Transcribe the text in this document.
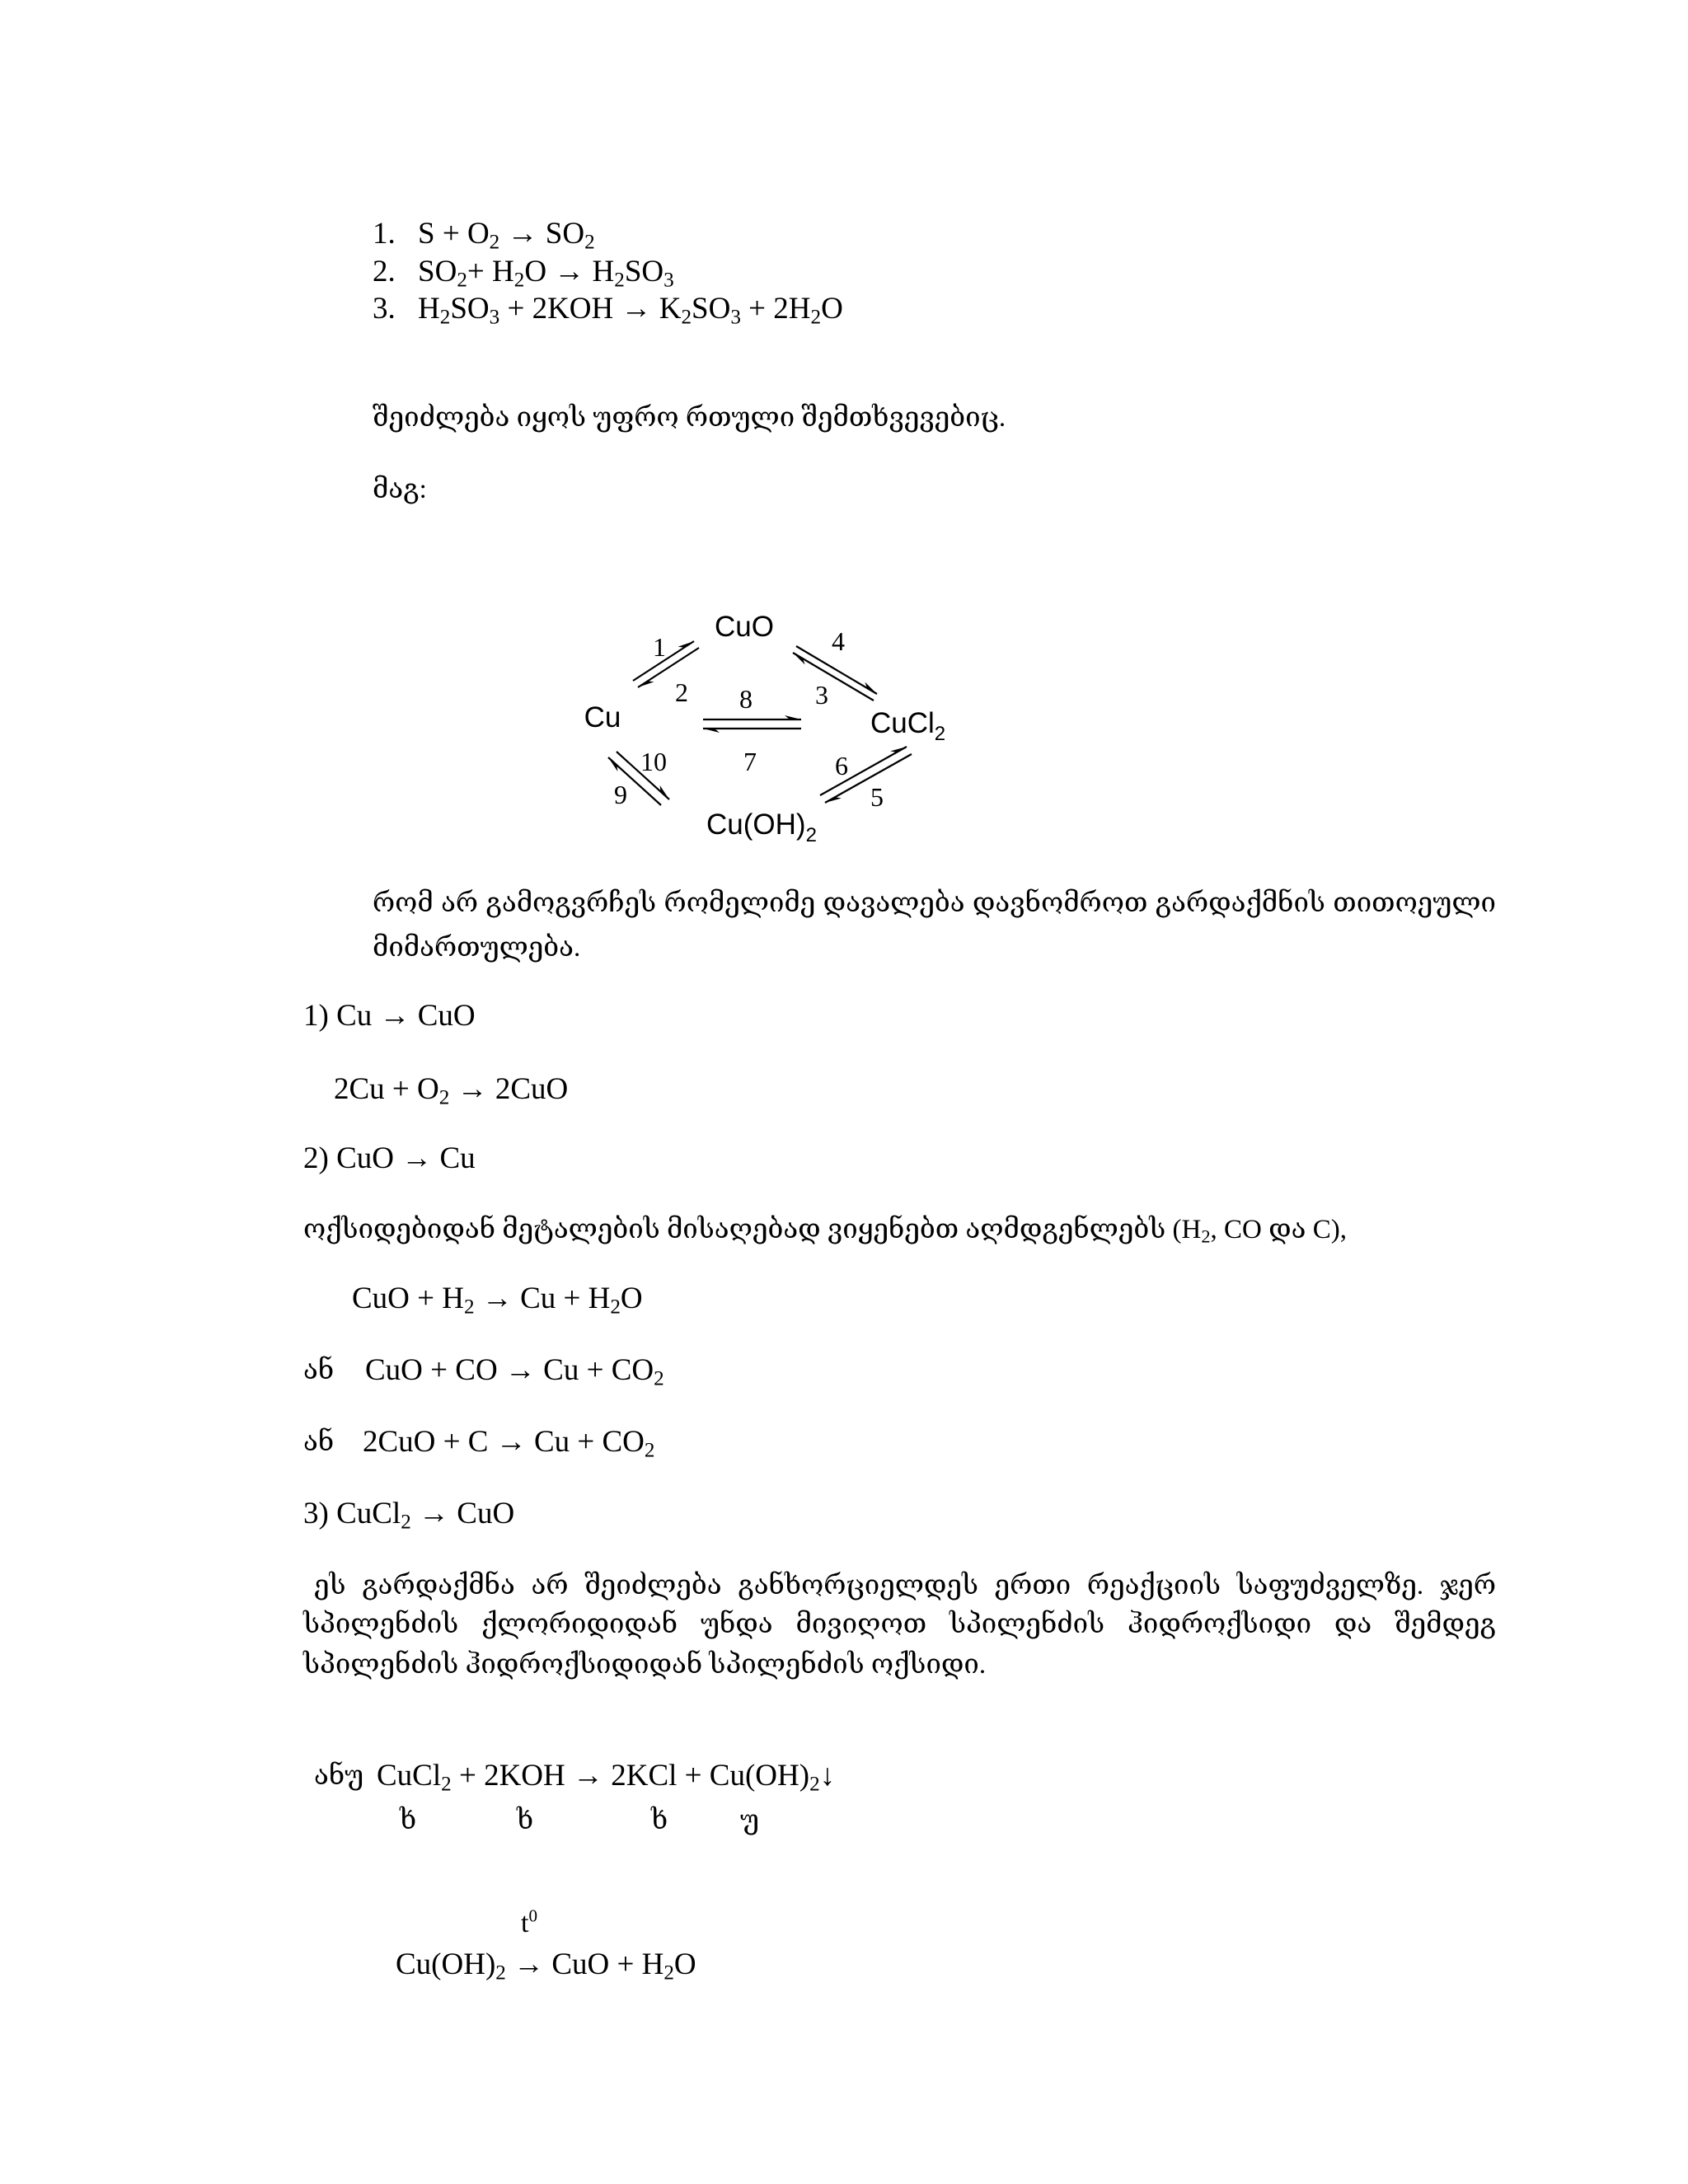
1. $S + O_2 \to SO_2$
2. $SO_2+ H_2O \to H_2SO_3$
3. $H_2SO_3 + 2KOH \to K_2SO_3 + 2H_2O$
შეიძლება იყოს უფრო რთული შემთხვევებიც.
მაგ:
CuO
Cu	CuCl$_2$
$Cu(OH)_2$
1
2	3
4
5
6
7
8
9
10
რომ არ გამოგვრჩეს რომელიმე დავალება დავნომროთ გარდაქმნის თითოეული
მიმართულება.
1) Cu → CuO
$2Cu + O_2 \to 2CuO$
2) CuO → Cu
ოქსიდებიდან მეტალების მისაღებად ვიყენებთ აღმდგენლებს ($H_2$, CO და C),
CuO + $H_2 \to Cu + H_2O$
ან CuO + CO → $Cu + CO_2$
ან $2CuO + C \to Cu + CO_2$
3) CuCl$_2$ → CuO
ეს გარდაქმნა არ შეიძლება განხორციელდეს ერთი რეაქციის საფუძველზე. ჯერ
სპილენძის ქლორიდიდან უნდა მივიღოთ სპილენძის ჰიდროქსიდი და შემდეგ
სპილენძის ჰიდროქსიდიდან სპილენძის ოქსიდი.
ანუ CuCl$_2$ + $2KOH \to 2KCl + Cu(OH)_2↓$
ხ	ხ	ხ	უ
$t^0$
$Cu(OH)_2$ → CuO + $H_2O$
